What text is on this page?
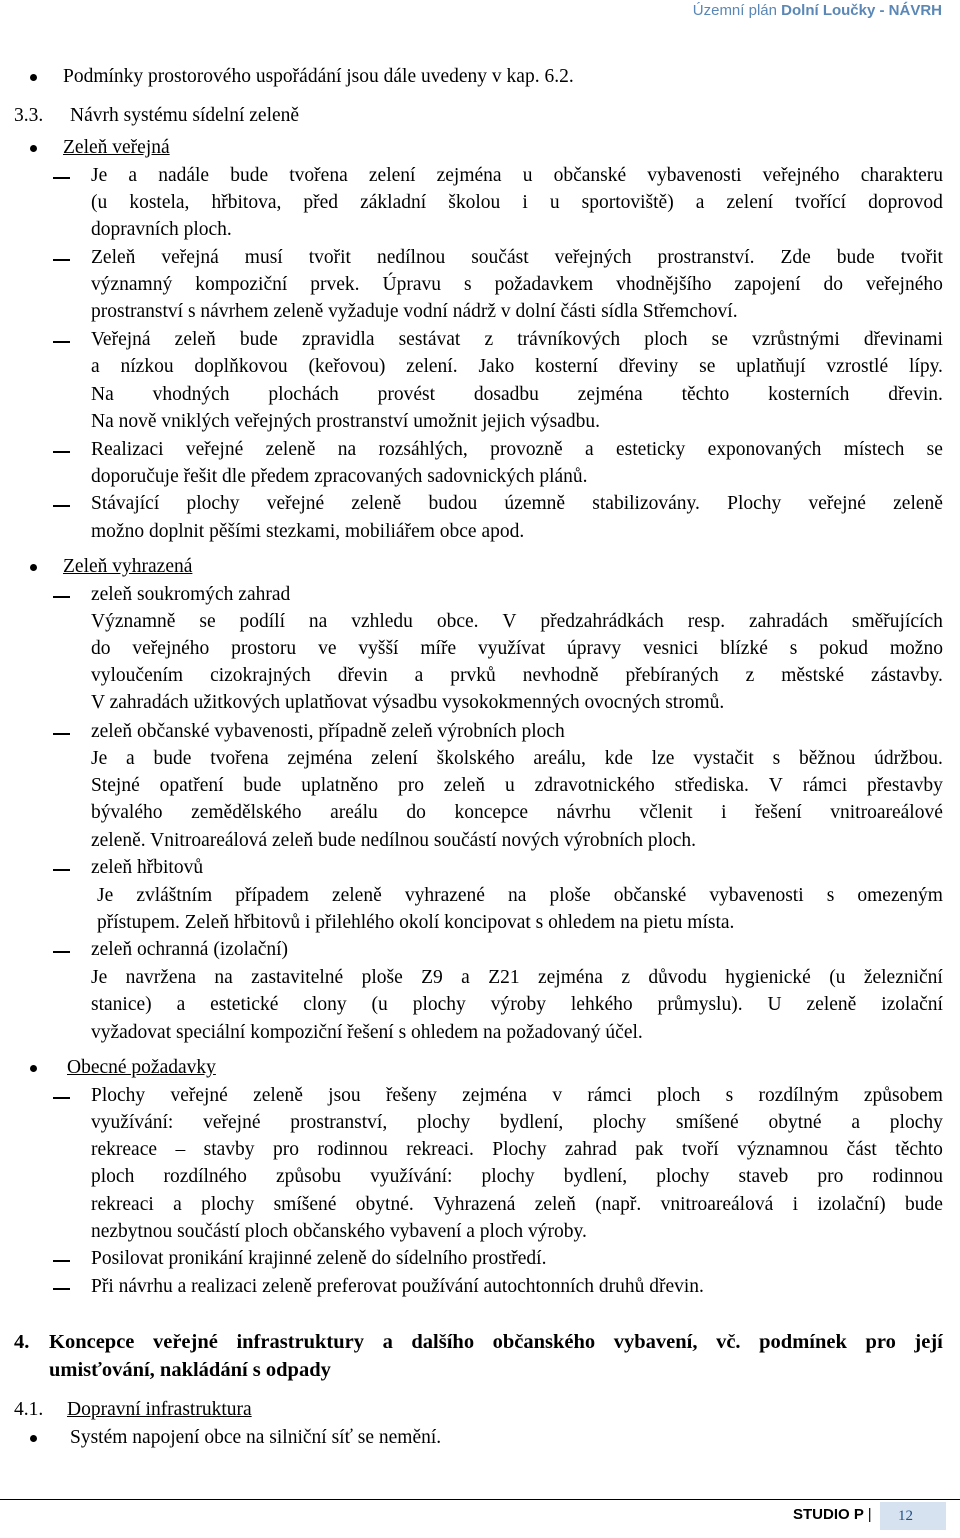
Územní plán Dolní Loučky - NÁVRH
Podmínky prostorového uspořádání jsou dále uvedeny v kap. 6.2.
3.3. Návrh systému sídelní zeleně
Zeleň veřejná
Je a nadále bude tvořena zelení zejména u občanské vybavenosti veřejného charakteru
(u kostela, hřbitova, před základní školou i u sportoviště) a zelení tvořící doprovod
dopravních ploch.
Zeleň veřejná musí tvořit nedílnou součást veřejných prostranství. Zde bude tvořit
významný kompoziční prvek. Úpravu s požadavkem vhodnějšího zapojení do veřejného
prostranství s návrhem zeleně vyžaduje vodní nádrž v dolní části sídla Střemchoví.
Veřejná zeleň bude zpravidla sestávat z trávníkových ploch se vzrůstnými dřevinami
a nízkou doplňkovou (keřovou) zelení. Jako kosterní dřeviny se uplatňují vzrostlé lípy.
Na vhodných plochách provést dosadbu zejména těchto kosterních dřevin.
Na nově vniklých veřejných prostranství umožnit jejich výsadbu.
Realizaci veřejné zeleně na rozsáhlých, provozně a esteticky exponovaných místech se
doporučuje řešit dle předem zpracovaných sadovnických plánů.
Stávající plochy veřejné zeleně budou územně stabilizovány. Plochy veřejné zeleně
možno doplnit pěšími stezkami, mobiliářem obce apod.
Zeleň vyhrazená
zeleň soukromých zahrad
Významně se podílí na vzhledu obce. V předzahrádkách resp. zahradách směřujících
do veřejného prostoru ve vyšší míře využívat úpravy vesnici blízké s pokud možno
vyloučením cizokrajných dřevin a prvků nevhodně přebíraných z městské zástavby.
V zahradách užitkových uplatňovat výsadbu vysokokmenných ovocných stromů.
zeleň občanské vybavenosti, případně zeleň výrobních ploch
Je a bude tvořena zejména zelení školského areálu, kde lze vystačit s běžnou údržbou.
Stejné opatření bude uplatněno pro zeleň u zdravotnického střediska. V rámci přestavby
bývalého zemědělského areálu do koncepce návrhu včlenit i řešení vnitroareálové
zeleně. Vnitroareálová zeleň bude nedílnou součástí nových výrobních ploch.
zeleň hřbitovů
Je zvláštním případem zeleně vyhrazené na ploše občanské vybavenosti s omezeným
přístupem. Zeleň hřbitovů i přilehlého okolí koncipovat s ohledem na pietu místa.
zeleň ochranná (izolační)
Je navržena na zastavitelné ploše Z9 a Z21 zejména z důvodu hygienické (u železniční
stanice) a estetické clony (u plochy výroby lehkého průmyslu). U zeleně izolační
vyžadovat speciální kompoziční řešení s ohledem na požadovaný účel.
Obecné požadavky
Plochy veřejné zeleně jsou řešeny zejména v rámci ploch s rozdílným způsobem
využívání: veřejné prostranství, plochy bydlení, plochy smíšené obytné a plochy
rekreace – stavby pro rodinnou rekreaci. Plochy zahrad pak tvoří významnou část těchto
ploch rozdílného způsobu využívání: plochy bydlení, plochy staveb pro rodinnou
rekreaci a plochy smíšené obytné. Vyhrazená zeleň (např. vnitroareálová i izolační) bude
nezbytnou součástí ploch občanského vybavení a ploch výroby.
Posilovat pronikání krajinné zeleně do sídelního prostředí.
Při návrhu a realizaci zeleně preferovat používání autochtonních druhů dřevin.
4. Koncepce veřejné infrastruktury a dalšího občanského vybavení, vč. podmínek pro její
umisťování, nakládání s odpady
4.1. Dopravní infrastruktura
Systém napojení obce na silniční síť se nemění.
STUDIO P |	12
